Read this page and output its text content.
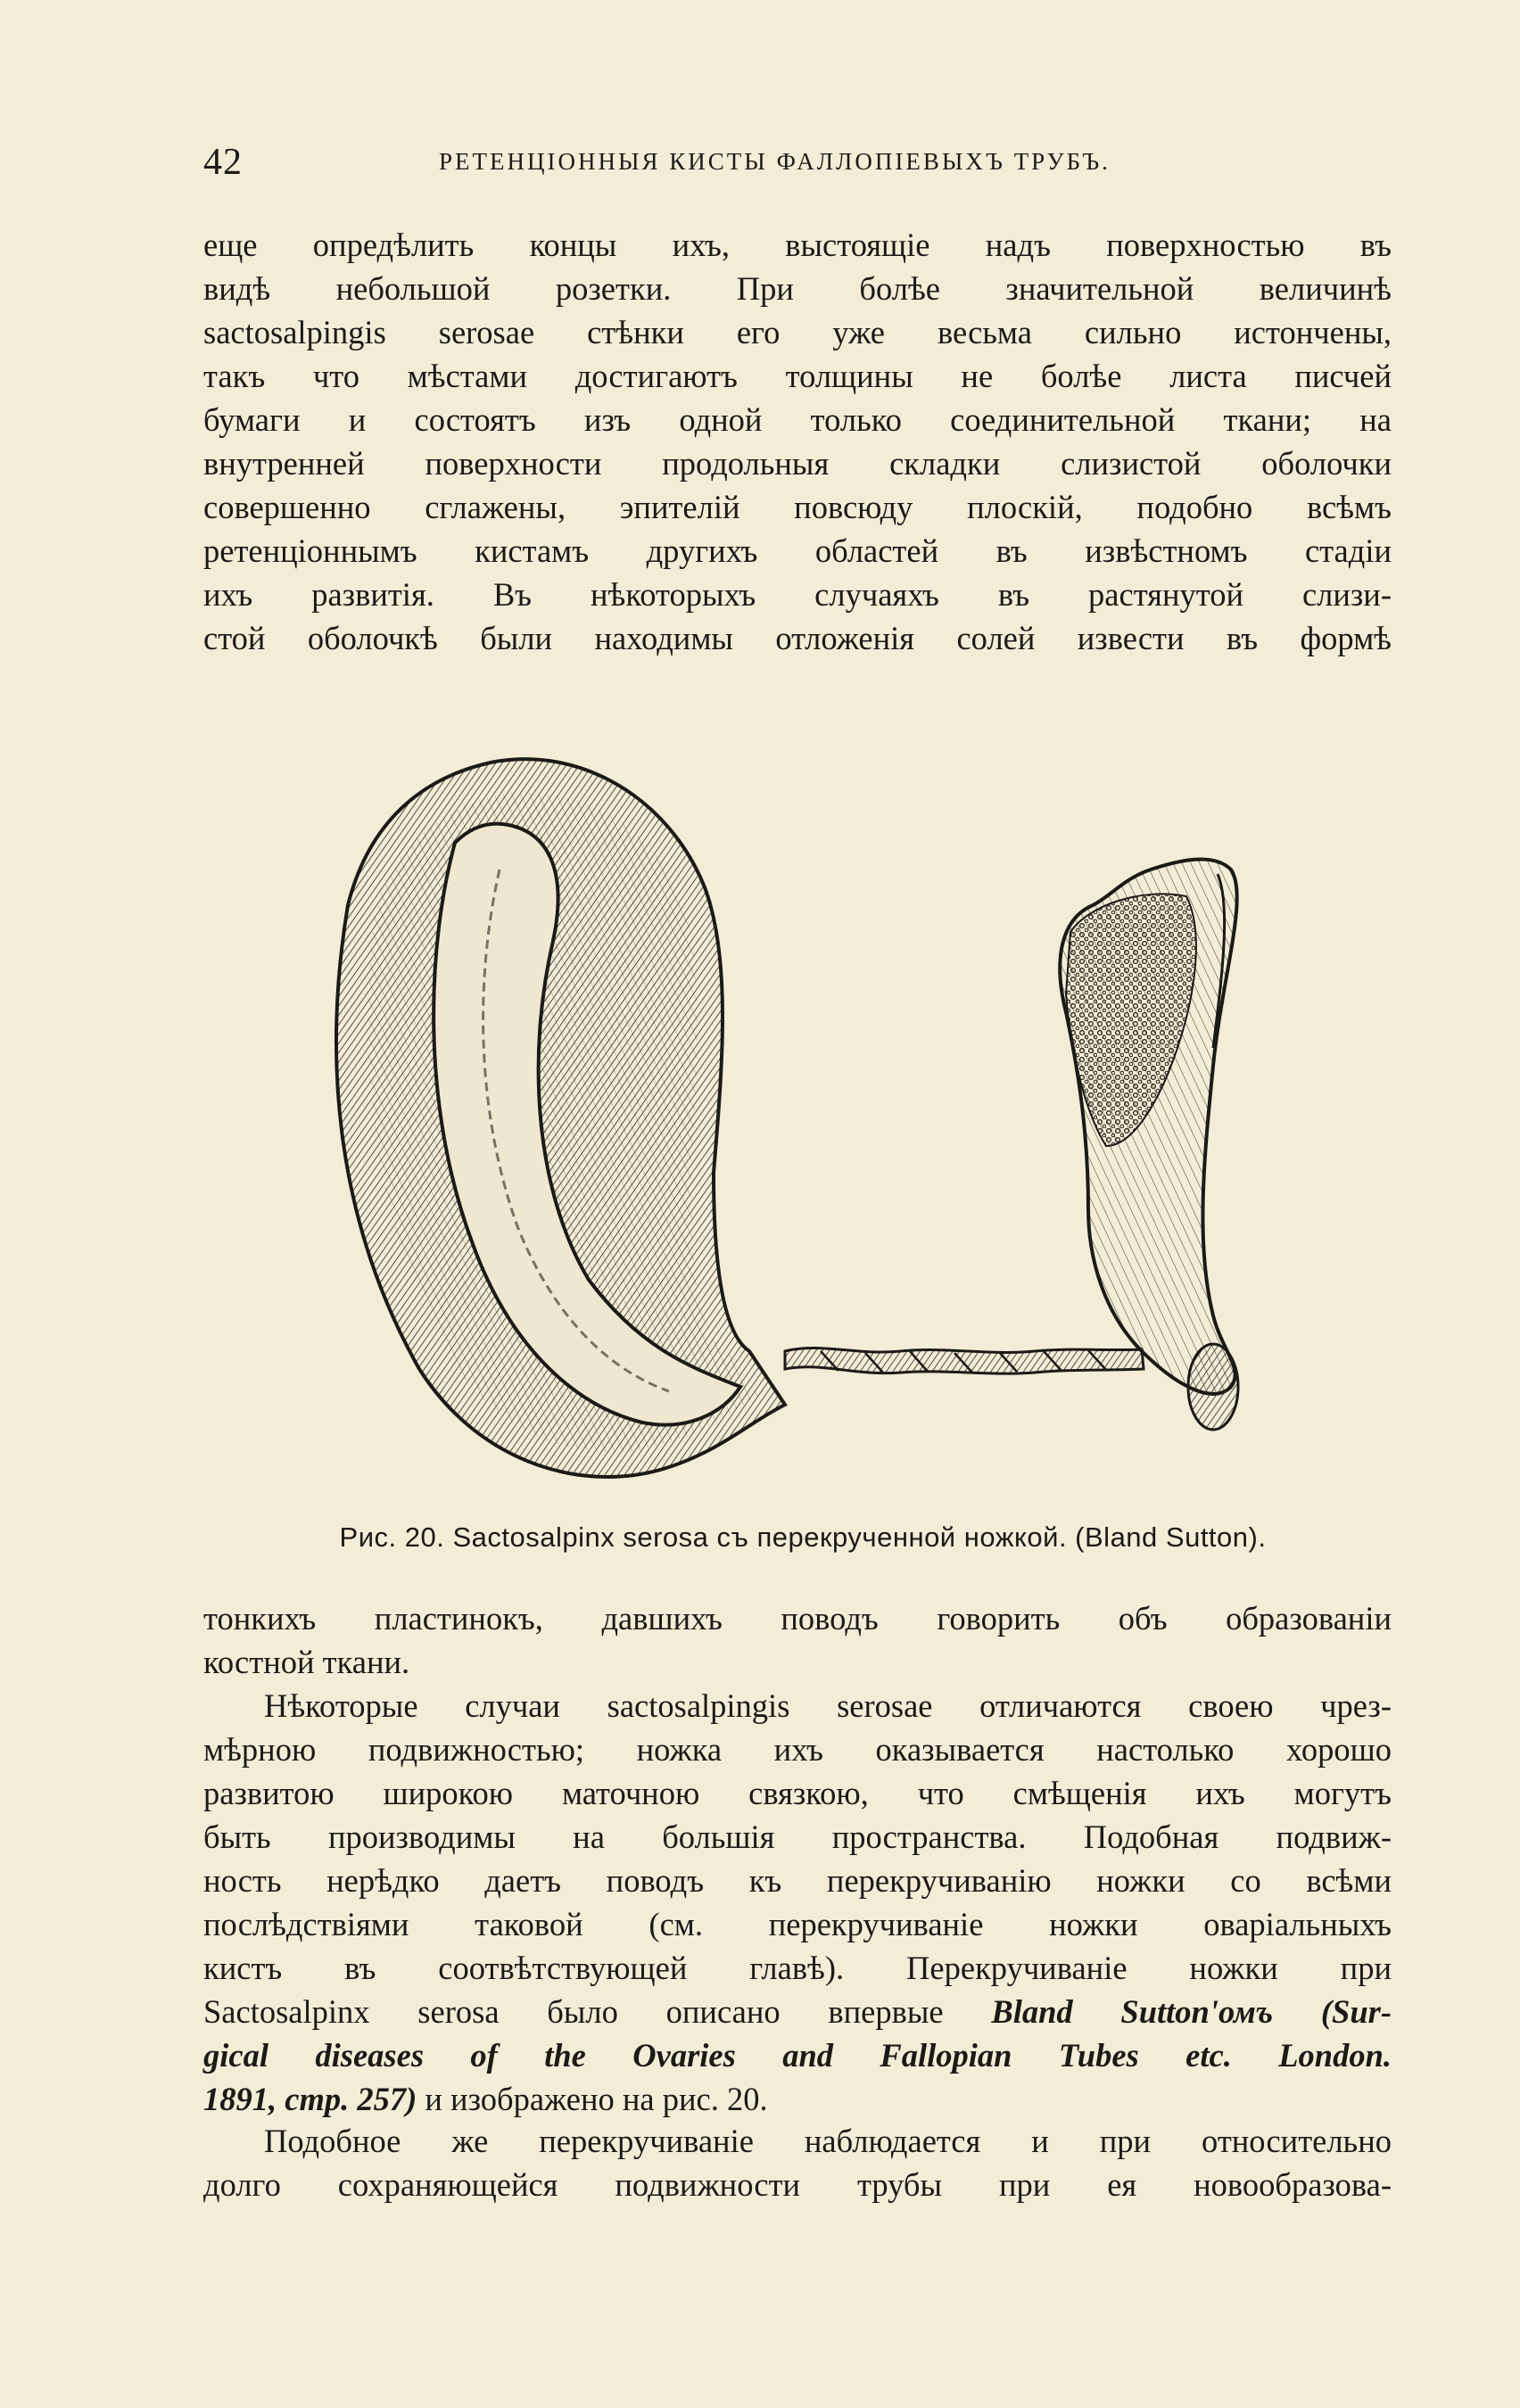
42	РЕТЕНЦІОННЫЯ КИСТЫ ФАЛЛОПІЕВЫХЪ ТРУБЪ.
еще опредѣлить концы ихъ, выстоящіе надъ поверхностью въ
видѣ небольшой розетки. При болѣе значительной величинѣ
sactosalpingis serosae стѣнки его уже весьма сильно истончены,
такъ что мѣстами достигаютъ толщины не болѣе листа писчей
бумаги и состоятъ изъ одной только соединительной ткани; на
внутренней поверхности продольныя складки слизистой оболочки
совершенно сглажены, эпителій повсюду плоскій, подобно всѣмъ
ретенціоннымъ кистамъ другихъ областей въ извѣстномъ стадіи
ихъ развитія. Въ нѣкоторыхъ случаяхъ въ растянутой слизи-
стой оболочкѣ были находимы отложенія солей извести въ формѣ
Рис. 20. Sactosalpinx serosa съ перекрученной ножкой. (Bland Sutton).
тонкихъ пластинокъ, давшихъ поводъ говорить объ образованіи
костной ткани.
Нѣкоторые случаи sactosalpingis serosae отличаются своею чрез-
мѣрною подвижностью; ножка ихъ оказывается настолько хорошо
развитою широкою маточною связкою, что смѣщенія ихъ могутъ
быть производимы на большія пространства. Подобная подвиж-
ность нерѣдко даетъ поводъ къ перекручиванію ножки со всѣми
послѣдствіями таковой (см. перекручиваніе ножки оваріальныхъ
кистъ въ соотвѣтствующей главѣ). Перекручиваніе ножки при
Sactosalpinx serosa было описано впервые Bland Sutton'омъ (Sur-
gical diseases of the Ovaries and Fallopian Tubes etc. London.
1891, стр. 257) и изображено на рис. 20.
Подобное же перекручиваніе наблюдается и при относительно
долго сохраняющейся подвижности трубы при ея новообразова-
